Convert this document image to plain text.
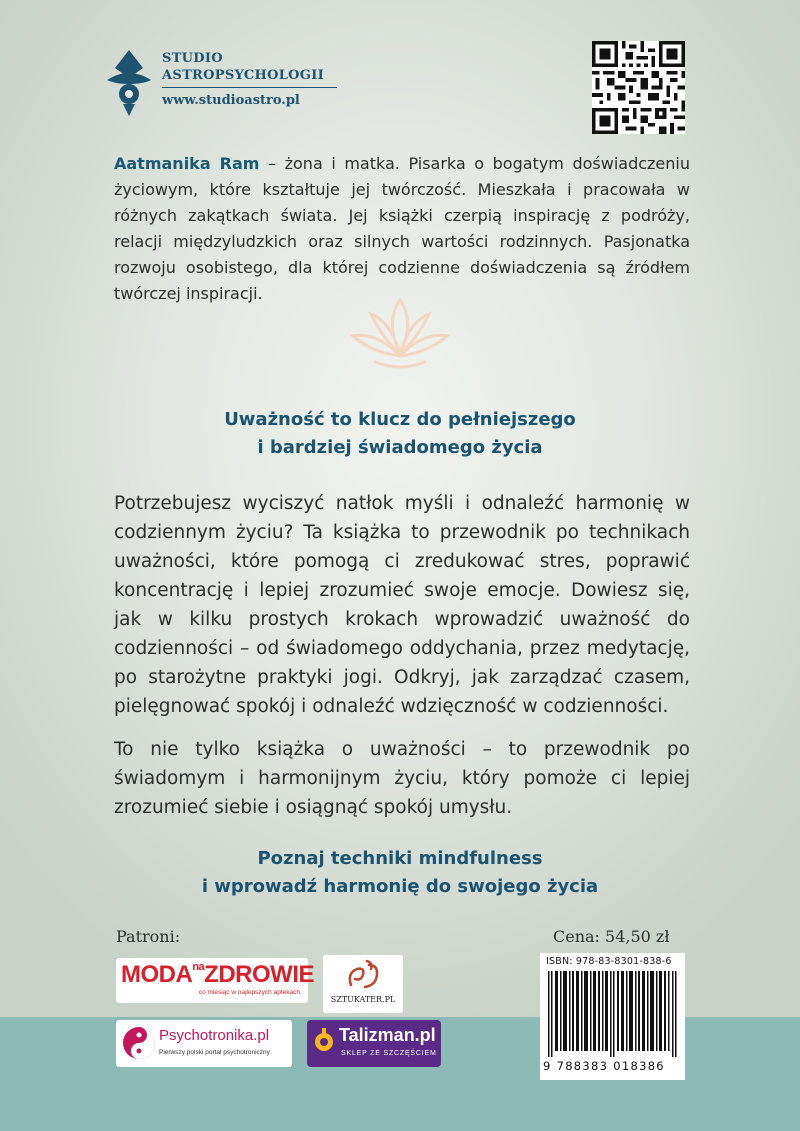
STUDIO
ASTROPSYCHOLOGII
www.studioastro.pl

Aatmanika Ram – żona i matka. Pisarka o bogatym doświadczeniu życiowym, które kształtuje jej twórczość. Mieszkała i pracowała w różnych zakątkach świata. Jej książki czerpią inspirację z podróży, relacji międzyludzkich oraz silnych wartości rodzinnych. Pasjonatka rozwoju osobistego, dla której codzienne doświadczenia są źródłem twórczej inspiracji.

Uważność to klucz do pełniejszego
i bardziej świadomego życia

Potrzebujesz wyciszyć natłok myśli i odnaleźć harmonię w codziennym życiu? Ta książka to przewodnik po technikach uważności, które pomogą ci zredukować stres, poprawić koncentrację i lepiej zrozumieć swoje emocje. Dowiesz się, jak w kilku prostych krokach wprowadzić uważność do codzienności – od świadomego oddychania, przez medytację, po starożytne praktyki jogi. Odkryj, jak zarządzać czasem, pielęgnować spokój i odnaleźć wdzięczność w codzienności.

To nie tylko książka o uważności – to przewodnik po świadomym i harmonijnym życiu, który pomoże ci lepiej zrozumieć siebie i osiągnąć spokój umysłu.

Poznaj techniki mindfulness
i wprowadź harmonię do swojego życia
Patroni:	Cena: 54,50 zł
$MODA^{na}ZDROWIE$
co miesiąc w najlepszych aptekach
SZTUKATER.PL
Psychotronika.pl
Pierwszy polski portal psychotroniczny
Talizman.pl
SKLEP ZE SZCZĘŚCIEM
ISBN: 978-83-8301-838-6
9 788383 018386
